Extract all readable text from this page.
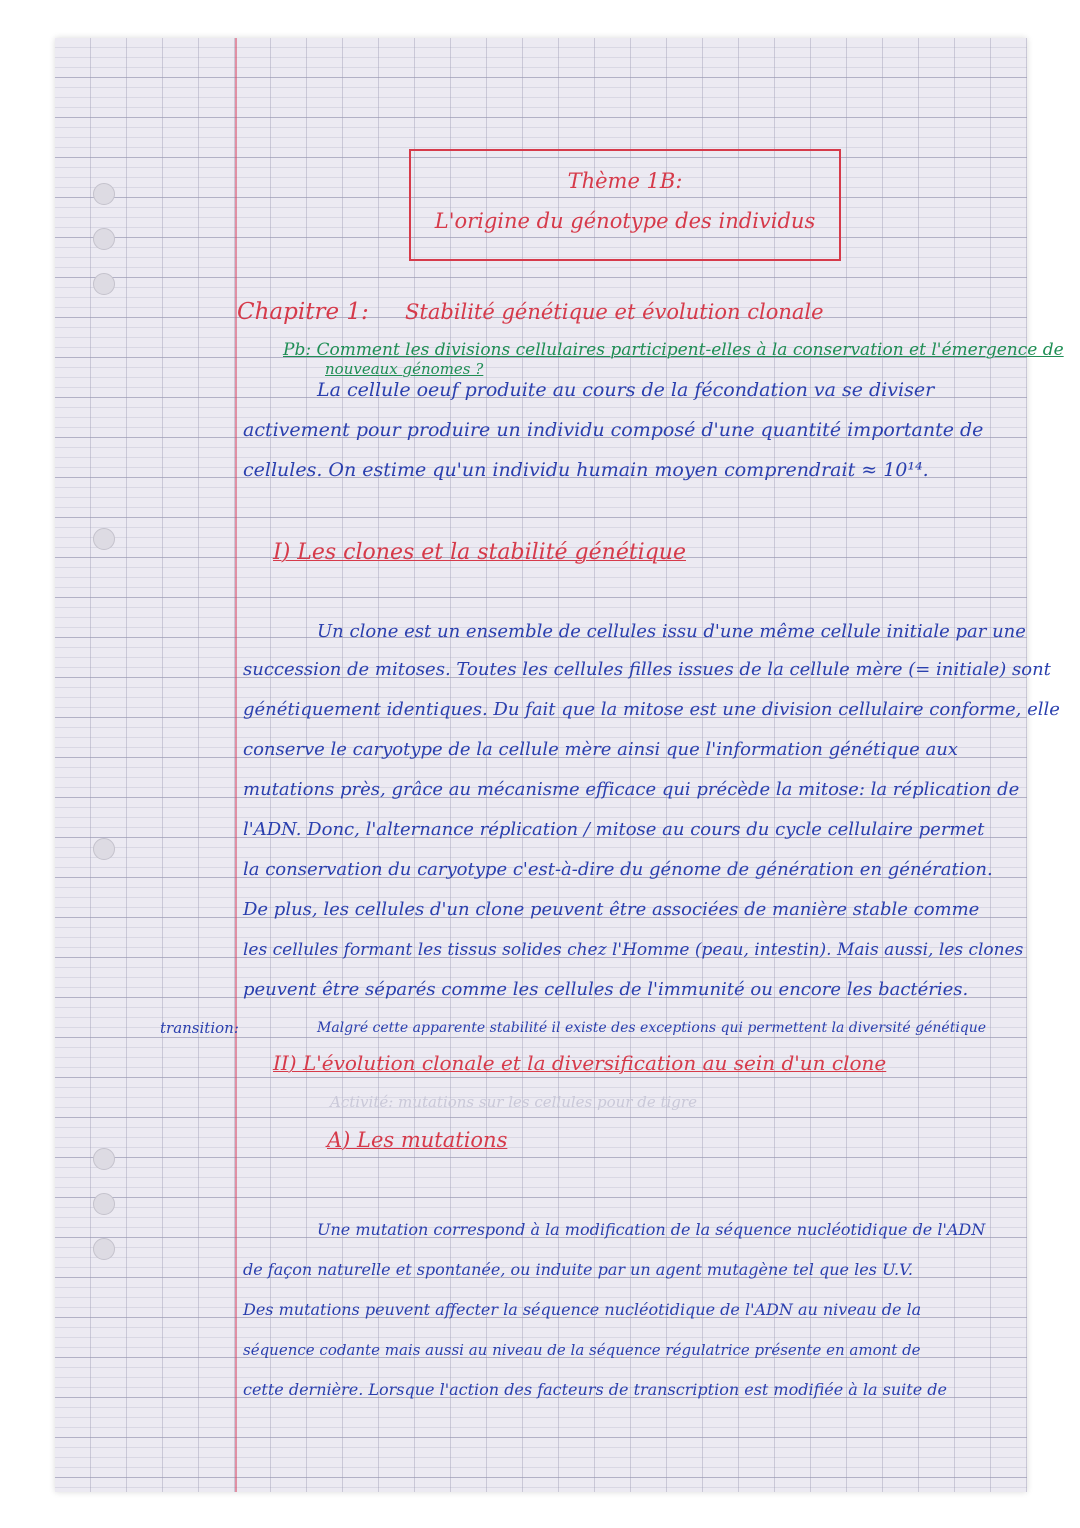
Thème 1B:
L'origine du génotype des individus
Chapitre 1: Stabilité génétique et évolution clonale
Pb: Comment les divisions cellulaires participent-elles à la conservation et l'émergence de
nouveaux génomes ?
La cellule oeuf produite au cours de la fécondation va se diviser
activement pour produire un individu composé d'une quantité importante de
cellules. On estime qu'un individu humain moyen comprendrait ≈ 10¹⁴.
I) Les clones et la stabilité génétique
Un clone est un ensemble de cellules issu d'une même cellule initiale par une
succession de mitoses. Toutes les cellules filles issues de la cellule mère (= initiale) sont
génétiquement identiques. Du fait que la mitose est une division cellulaire conforme, elle
conserve le caryotype de la cellule mère ainsi que l'information génétique aux
mutations près, grâce au mécanisme efficace qui précède la mitose: la réplication de
l'ADN. Donc, l'alternance réplication / mitose au cours du cycle cellulaire permet
la conservation du caryotype c'est-à-dire du génome de génération en génération.
De plus, les cellules d'un clone peuvent être associées de manière stable comme
les cellules formant les tissus solides chez l'Homme (peau, intestin). Mais aussi, les clones
peuvent être séparés comme les cellules de l'immunité ou encore les bactéries.
transition:	Malgré cette apparente stabilité il existe des exceptions qui permettent la diversité génétique
II) L'évolution clonale et la diversification au sein d'un clone
Activité: mutations sur les cellules pour de tigre
A) Les mutations
Une mutation correspond à la modification de la séquence nucléotidique de l'ADN
de façon naturelle et spontanée, ou induite par un agent mutagène tel que les U.V.
Des mutations peuvent affecter la séquence nucléotidique de l'ADN au niveau de la
séquence codante mais aussi au niveau de la séquence régulatrice présente en amont de
cette dernière. Lorsque l'action des facteurs de transcription est modifiée à la suite de
